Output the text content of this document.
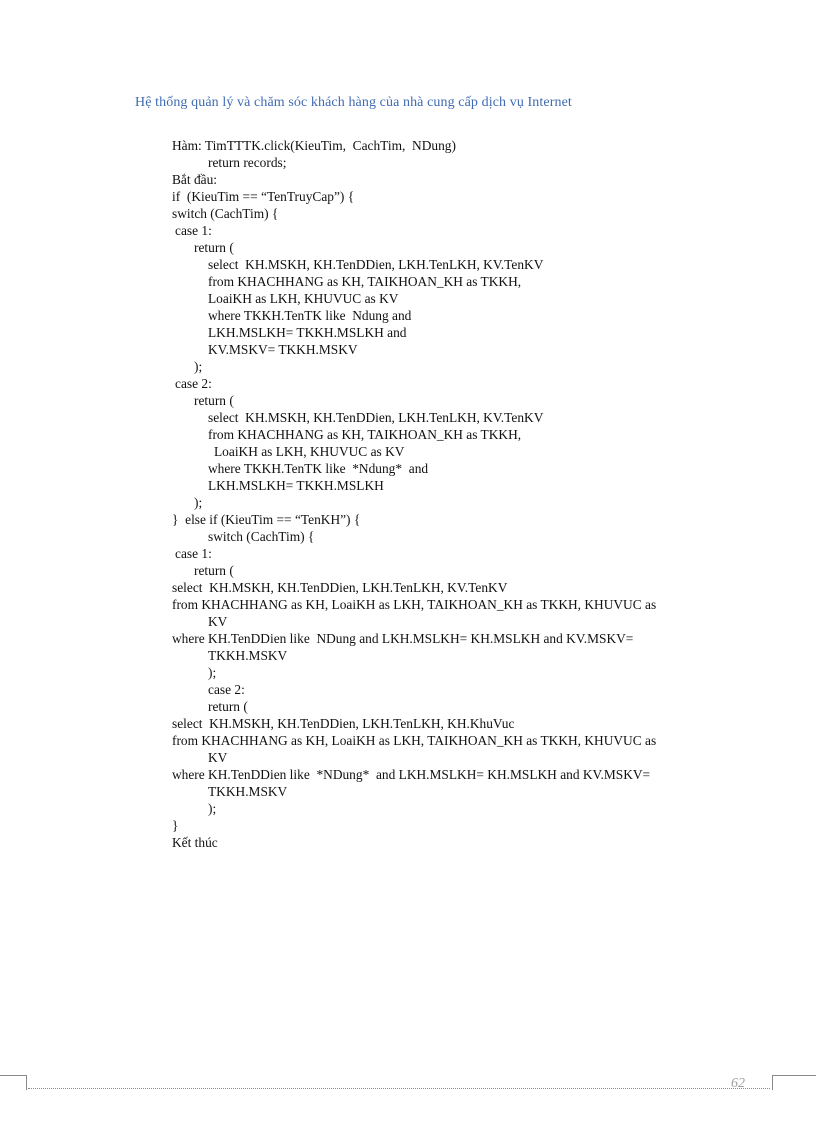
Hệ thống quản lý và chăm sóc khách hàng của nhà cung cấp dịch vụ Internet
Hàm: TimTTTK.click(KieuTim,  CachTim,  NDung)
return records;
Bắt đầu:
if  (KieuTim == “TenTruyCap”) {
switch (CachTim) {
case 1:
return (
select  KH.MSKH, KH.TenDDien, LKH.TenLKH, KV.TenKV
from KHACHHANG as KH, TAIKHOAN_KH as TKKH,
LoaiKH as LKH, KHUVUC as KV
where TKKH.TenTK like  Ndung and
LKH.MSLKH= TKKH.MSLKH and
KV.MSKV= TKKH.MSKV
);
case 2:
return (
select  KH.MSKH, KH.TenDDien, LKH.TenLKH, KV.TenKV
from KHACHHANG as KH, TAIKHOAN_KH as TKKH,
LoaiKH as LKH, KHUVUC as KV
where TKKH.TenTK like  *Ndung*  and
LKH.MSLKH= TKKH.MSLKH
);
}  else if (KieuTim == “TenKH”) {
switch (CachTim) {
case 1:
return (
select  KH.MSKH, KH.TenDDien, LKH.TenLKH, KV.TenKV
from KHACHHANG as KH, LoaiKH as LKH, TAIKHOAN_KH as TKKH, KHUVUC as
KV
where KH.TenDDien like  NDung and LKH.MSLKH= KH.MSLKH and KV.MSKV=
TKKH.MSKV
);
case 2:
return (
select  KH.MSKH, KH.TenDDien, LKH.TenLKH, KH.KhuVuc
from KHACHHANG as KH, LoaiKH as LKH, TAIKHOAN_KH as TKKH, KHUVUC as
KV
where KH.TenDDien like  *NDung*  and LKH.MSLKH= KH.MSLKH and KV.MSKV=
TKKH.MSKV
);
}
Kết thúc
62
